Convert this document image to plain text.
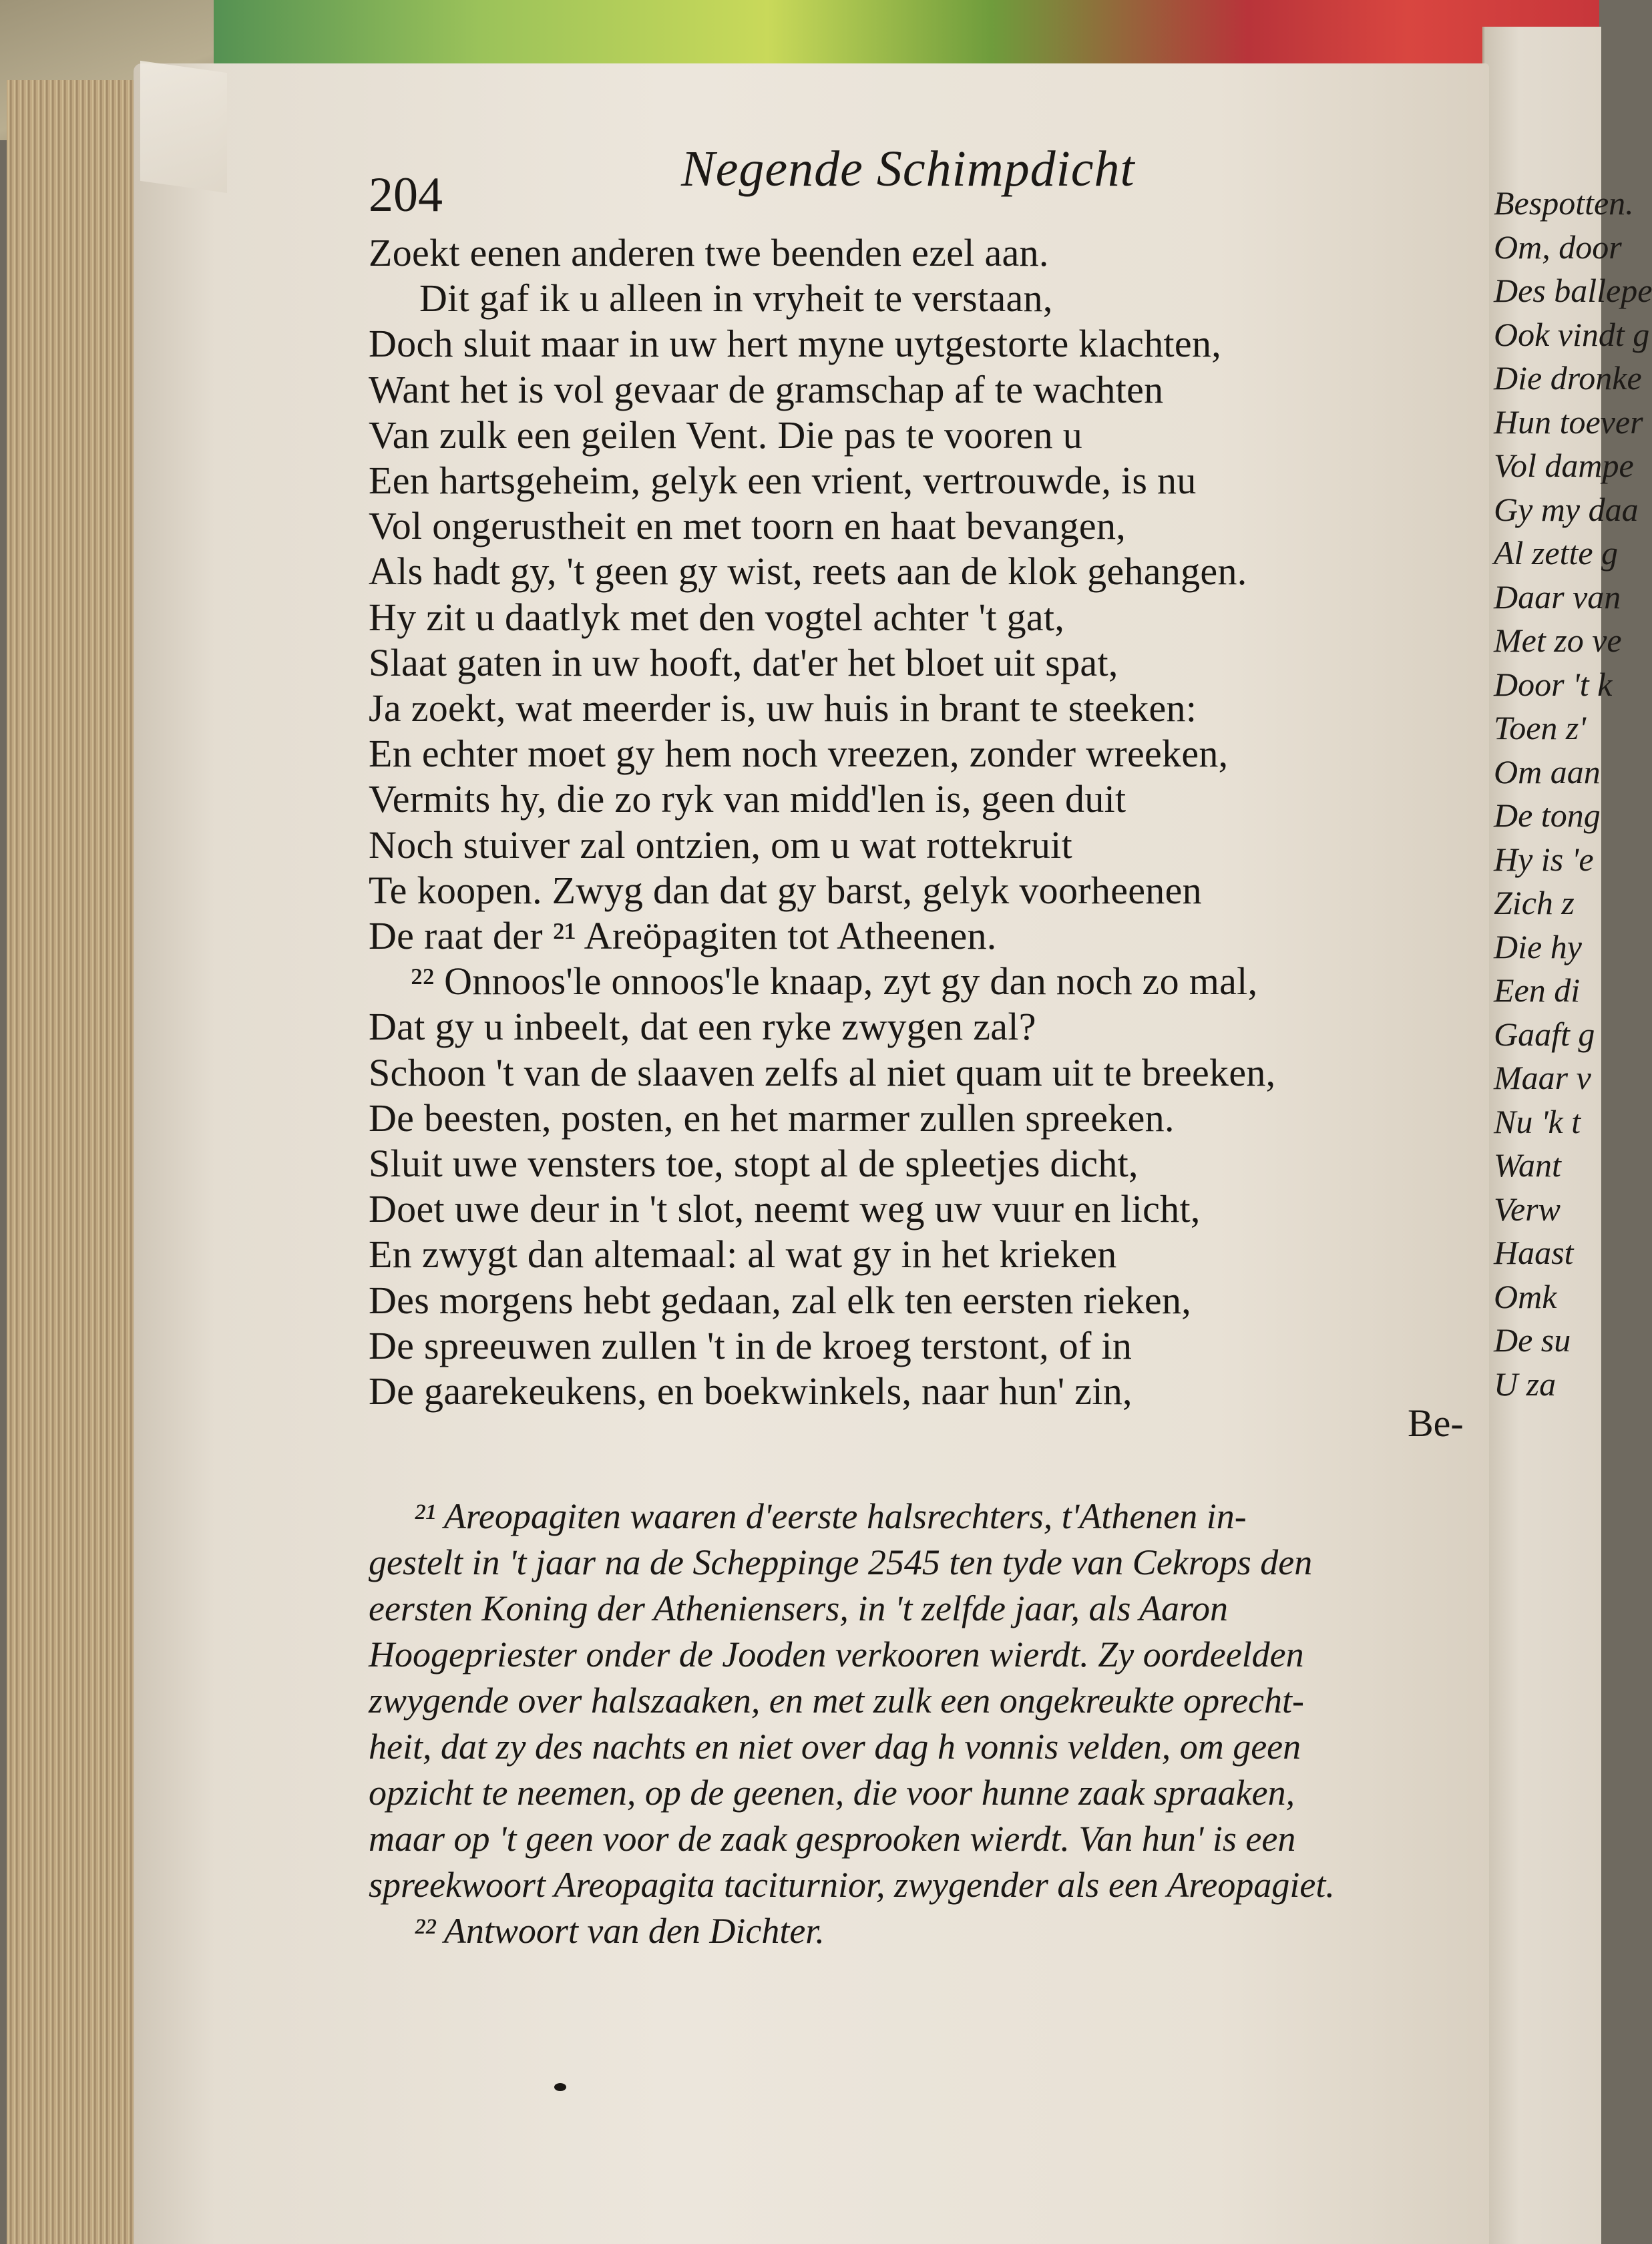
Bespotten.
Om, door
Des ballepe
Ook vindt g
Die dronke
Hun toever
Vol dampe
Gy my daa
Al zette g
Daar van
Met zo ve
Door 't k
Toen z'
Om aan
De tong
Hy is 'e
Zich z
Die hy
Een di
Gaaft g
Maar v
Nu 'k t
Want
Verw
Haast
Omk
De su
U za
204	Negende Schimpdicht
Zoekt eenen anderen twe beenden ezel aan.
Dit gaf ik u alleen in vryheit te verstaan,
Doch sluit maar in uw hert myne uytgestorte klachten,
Want het is vol gevaar de gramschap af te wachten
Van zulk een geilen Vent. Die pas te vooren u
Een hartsgeheim, gelyk een vrient, vertrouwde, is nu
Vol ongerustheit en met toorn en haat bevangen,
Als hadt gy, 't geen gy wist, reets aan de klok gehangen.
Hy zit u daatlyk met den vogtel achter 't gat,
Slaat gaten in uw hooft, dat'er het bloet uit spat,
Ja zoekt, wat meerder is, uw huis in brant te steeken:
En echter moet gy hem noch vreezen, zonder wreeken,
Vermits hy, die zo ryk van midd'len is, geen duit
Noch stuiver zal ontzien, om u wat rottekruit
Te koopen. Zwyg dan dat gy barst, gelyk voorheenen
De raat der ²¹ Areöpagiten tot Atheenen.
²² Onnoos'le onnoos'le knaap, zyt gy dan noch zo mal,
Dat gy u inbeelt, dat een ryke zwygen zal?
Schoon 't van de slaaven zelfs al niet quam uit te breeken,
De beesten, posten, en het marmer zullen spreeken.
Sluit uwe vensters toe, stopt al de spleetjes dicht,
Doet uwe deur in 't slot, neemt weg uw vuur en licht,
En zwygt dan altemaal: al wat gy in het krieken
Des morgens hebt gedaan, zal elk ten eersten rieken,
De spreeuwen zullen 't in de kroeg terstont, of in
De gaarekeukens, en boekwinkels, naar hun' zin,
Be-
²¹ Areopagiten waaren d'eerste halsrechters, t'Athenen in-
gestelt in 't jaar na de Scheppinge 2545 ten tyde van Cekrops den
eersten Koning der Atheniensers, in 't zelfde jaar, als Aaron
Hoogepriester onder de Jooden verkooren wierdt. Zy oordeelden
zwygende over halszaaken, en met zulk een ongekreukte oprecht-
heit, dat zy des nachts en niet over dag h vonnis velden, om geen
opzicht te neemen, op de geenen, die voor hunne zaak spraaken,
maar op 't geen voor de zaak gesprooken wierdt. Van hun' is een
spreekwoort Areopagita taciturnior, zwygender als een Areopagiet.
²² Antwoort van den Dichter.
